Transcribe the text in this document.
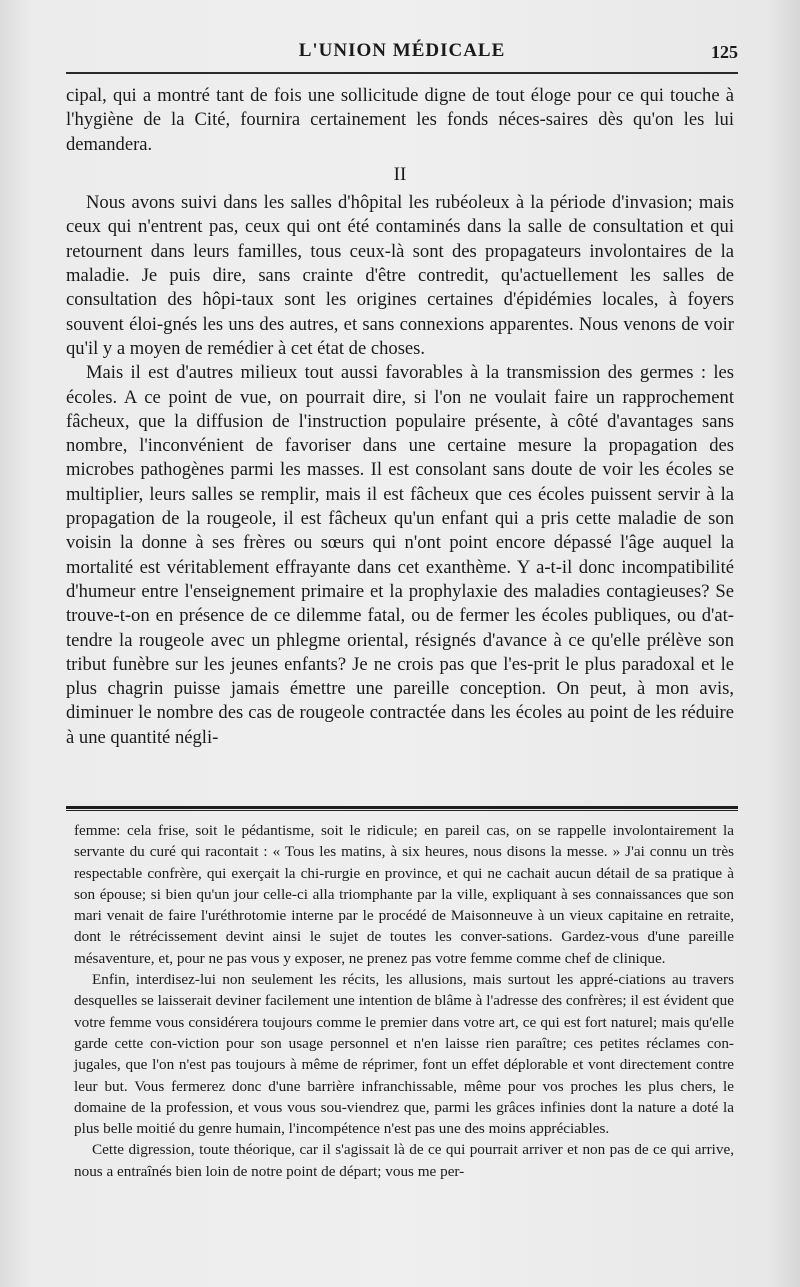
L'UNION MÉDICALE	125

cipal, qui a montré tant de fois une sollicitude digne de tout éloge pour ce qui touche à l'hygiène de la Cité, fournira certainement les fonds néces-saires dès qu'on les lui demandera.

II

Nous avons suivi dans les salles d'hôpital les rubéoleux à la période d'invasion; mais ceux qui n'entrent pas, ceux qui ont été contaminés dans la salle de consultation et qui retournent dans leurs familles, tous ceux-là sont des propagateurs involontaires de la maladie. Je puis dire, sans crainte d'être contredit, qu'actuellement les salles de consultation des hôpi-taux sont les origines certaines d'épidémies locales, à foyers souvent éloi-gnés les uns des autres, et sans connexions apparentes. Nous venons de voir qu'il y a moyen de remédier à cet état de choses.

Mais il est d'autres milieux tout aussi favorables à la transmission des germes : les écoles. A ce point de vue, on pourrait dire, si l'on ne voulait faire un rapprochement fâcheux, que la diffusion de l'instruction populaire présente, à côté d'avantages sans nombre, l'inconvénient de favoriser dans une certaine mesure la propagation des microbes pathogènes parmi les masses. Il est consolant sans doute de voir les écoles se multiplier, leurs salles se remplir, mais il est fâcheux que ces écoles puissent servir à la propagation de la rougeole, il est fâcheux qu'un enfant qui a pris cette maladie de son voisin la donne à ses frères ou sœurs qui n'ont point encore dépassé l'âge auquel la mortalité est véritablement effrayante dans cet exanthème. Y a-t-il donc incompatibilité d'humeur entre l'enseignement primaire et la prophylaxie des maladies contagieuses? Se trouve-t-on en présence de ce dilemme fatal, ou de fermer les écoles publiques, ou d'at-tendre la rougeole avec un phlegme oriental, résignés d'avance à ce qu'elle prélève son tribut funèbre sur les jeunes enfants? Je ne crois pas que l'es-prit le plus paradoxal et le plus chagrin puisse jamais émettre une pareille conception. On peut, à mon avis, diminuer le nombre des cas de rougeole contractée dans les écoles au point de les réduire à une quantité négli-

femme: cela frise, soit le pédantisme, soit le ridicule; en pareil cas, on se rappelle involontairement la servante du curé qui racontait : « Tous les matins, à six heures, nous disons la messe. » J'ai connu un très respectable confrère, qui exerçait la chi-rurgie en province, et qui ne cachait aucun détail de sa pratique à son épouse; si bien qu'un jour celle-ci alla triomphante par la ville, expliquant à ses connaissances que son mari venait de faire l'uréthrotomie interne par le procédé de Maisonneuve à un vieux capitaine en retraite, dont le rétrécissement devint ainsi le sujet de toutes les conver-sations. Gardez-vous d'une pareille mésaventure, et, pour ne pas vous y exposer, ne prenez pas votre femme comme chef de clinique.

Enfin, interdisez-lui non seulement les récits, les allusions, mais surtout les appré-ciations au travers desquelles se laisserait deviner facilement une intention de blâme à l'adresse des confrères; il est évident que votre femme vous considérera toujours comme le premier dans votre art, ce qui est fort naturel; mais qu'elle garde cette con-viction pour son usage personnel et n'en laisse rien paraître; ces petites réclames con-jugales, que l'on n'est pas toujours à même de réprimer, font un effet déplorable et vont directement contre leur but. Vous fermerez donc d'une barrière infranchissable, même pour vos proches les plus chers, le domaine de la profession, et vous vous sou-viendrez que, parmi les grâces infinies dont la nature a doté la plus belle moitié du genre humain, l'incompétence n'est pas une des moins appréciables.

Cette digression, toute théorique, car il s'agissait là de ce qui pourrait arriver et non pas de ce qui arrive, nous a entraînés bien loin de notre point de départ; vous me per-
